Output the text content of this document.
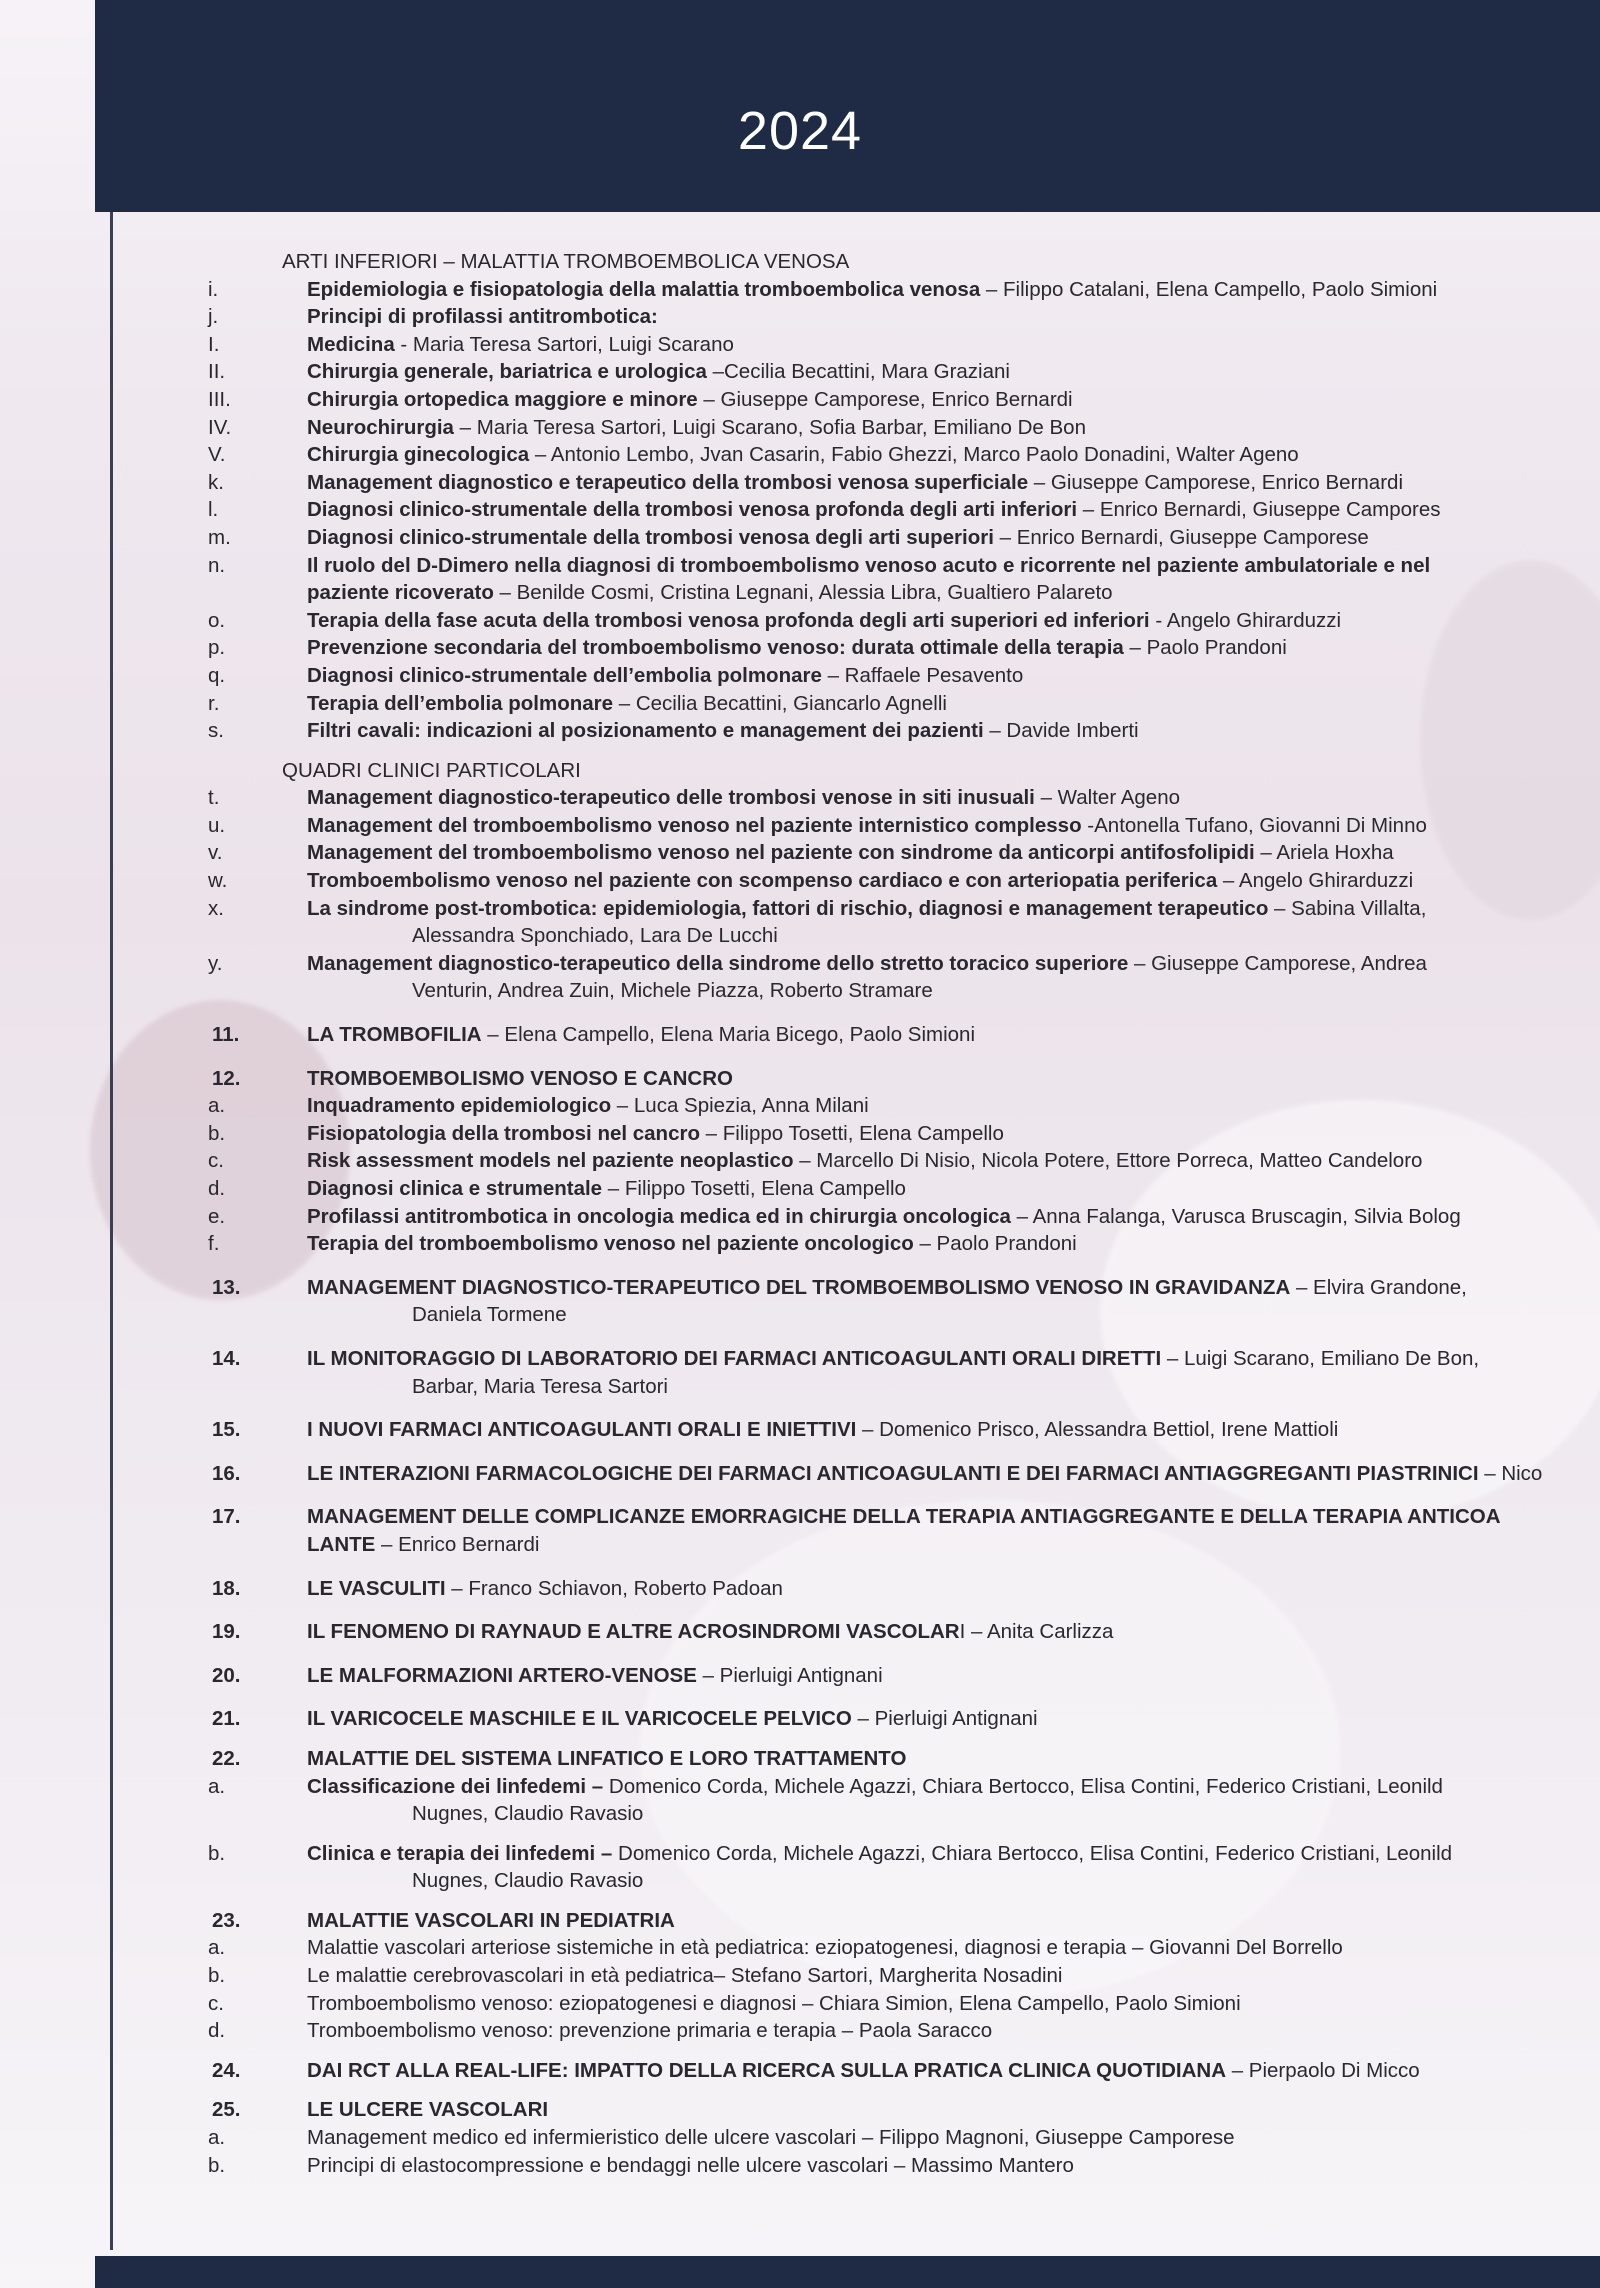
2024
ARTI INFERIORI – MALATTIA TROMBOEMBOLICA VENOSA
i.	Epidemiologia e fisiopatologia della malattia tromboembolica venosa – Filippo Catalani, Elena Campello, Paolo Simioni
j.	Principi di profilassi antitrombotica:
I.	Medicina - Maria Teresa Sartori, Luigi Scarano
II.	Chirurgia generale, bariatrica e urologica –Cecilia Becattini, Mara Graziani
III.	Chirurgia ortopedica maggiore e minore – Giuseppe Camporese, Enrico Bernardi
IV.	Neurochirurgia – Maria Teresa Sartori, Luigi Scarano, Sofia Barbar, Emiliano De Bon
V.	Chirurgia ginecologica – Antonio Lembo, Jvan Casarin, Fabio Ghezzi, Marco Paolo Donadini, Walter Ageno
k.	Management diagnostico e terapeutico della trombosi venosa superficiale – Giuseppe Camporese, Enrico Bernardi
l.	Diagnosi clinico-strumentale della trombosi venosa profonda degli arti inferiori – Enrico Bernardi, Giuseppe Campores
m.	Diagnosi clinico-strumentale della trombosi venosa degli arti superiori – Enrico Bernardi, Giuseppe Camporese
n.	Il ruolo del D-Dimero nella diagnosi di tromboembolismo venoso acuto e ricorrente nel paziente ambulatoriale e nel
paziente ricoverato – Benilde Cosmi, Cristina Legnani, Alessia Libra, Gualtiero Palareto
o.	Terapia della fase acuta della trombosi venosa profonda degli arti superiori ed inferiori - Angelo Ghirarduzzi
p.	Prevenzione secondaria del tromboembolismo venoso: durata ottimale della terapia – Paolo Prandoni
q.	Diagnosi clinico-strumentale dell’embolia polmonare – Raffaele Pesavento
r.	Terapia dell’embolia polmonare – Cecilia Becattini, Giancarlo Agnelli
s.	Filtri cavali: indicazioni al posizionamento e management dei pazienti – Davide Imberti
QUADRI CLINICI PARTICOLARI
t.	Management diagnostico-terapeutico delle trombosi venose in siti inusuali – Walter Ageno
u.	Management del tromboembolismo venoso nel paziente internistico complesso -Antonella Tufano, Giovanni Di Minno
v.	Management del tromboembolismo venoso nel paziente con sindrome da anticorpi antifosfolipidi – Ariela Hoxha
w.	Tromboembolismo venoso nel paziente con scompenso cardiaco e con arteriopatia periferica – Angelo Ghirarduzzi
x.	La sindrome post-trombotica: epidemiologia, fattori di rischio, diagnosi e management terapeutico – Sabina Villalta,
Alessandra Sponchiado, Lara De Lucchi
y.	Management diagnostico-terapeutico della sindrome dello stretto toracico superiore – Giuseppe Camporese, Andrea
Venturin, Andrea Zuin, Michele Piazza, Roberto Stramare
11.	LA TROMBOFILIA – Elena Campello, Elena Maria Bicego, Paolo Simioni
12.	TROMBOEMBOLISMO VENOSO E CANCRO
a.	Inquadramento epidemiologico – Luca Spiezia, Anna Milani
b.	Fisiopatologia della trombosi nel cancro – Filippo Tosetti, Elena Campello
c.	Risk assessment models nel paziente neoplastico – Marcello Di Nisio, Nicola Potere, Ettore Porreca, Matteo Candeloro
d.	Diagnosi clinica e strumentale – Filippo Tosetti, Elena Campello
e.	Profilassi antitrombotica in oncologia medica ed in chirurgia oncologica – Anna Falanga, Varusca Bruscagin, Silvia Bolog
f.	Terapia del tromboembolismo venoso nel paziente oncologico – Paolo Prandoni
13.	MANAGEMENT DIAGNOSTICO-TERAPEUTICO DEL TROMBOEMBOLISMO VENOSO IN GRAVIDANZA – Elvira Grandone,
Daniela Tormene
14.	IL MONITORAGGIO DI LABORATORIO DEI FARMACI ANTICOAGULANTI ORALI DIRETTI – Luigi Scarano, Emiliano De Bon,
Barbar, Maria Teresa Sartori
15.	I NUOVI FARMACI ANTICOAGULANTI ORALI E INIETTIVI – Domenico Prisco, Alessandra Bettiol, Irene Mattioli
16.	LE INTERAZIONI FARMACOLOGICHE DEI FARMACI ANTICOAGULANTI E DEI FARMACI ANTIAGGREGANTI PIASTRINICI – Nico
17.	MANAGEMENT DELLE COMPLICANZE EMORRAGICHE DELLA TERAPIA ANTIAGGREGANTE E DELLA TERAPIA ANTICOA
LANTE – Enrico Bernardi
18.	LE VASCULITI – Franco Schiavon, Roberto Padoan
19.	IL FENOMENO DI RAYNAUD E ALTRE ACROSINDROMI VASCOLARI – Anita Carlizza
20.	LE MALFORMAZIONI ARTERO-VENOSE – Pierluigi Antignani
21.	IL VARICOCELE MASCHILE E IL VARICOCELE PELVICO – Pierluigi Antignani
22.	MALATTIE DEL SISTEMA LINFATICO E LORO TRATTAMENTO
a.	Classificazione dei linfedemi – Domenico Corda, Michele Agazzi, Chiara Bertocco, Elisa Contini, Federico Cristiani, Leonild
Nugnes, Claudio Ravasio
b.	Clinica e terapia dei linfedemi – Domenico Corda, Michele Agazzi, Chiara Bertocco, Elisa Contini, Federico Cristiani, Leonild
Nugnes, Claudio Ravasio
23.	MALATTIE VASCOLARI IN PEDIATRIA
a.	Malattie vascolari arteriose sistemiche in età pediatrica: eziopatogenesi, diagnosi e terapia – Giovanni Del Borrello
b.	Le malattie cerebrovascolari in età pediatrica– Stefano Sartori, Margherita Nosadini
c.	Tromboembolismo venoso: eziopatogenesi e diagnosi – Chiara Simion, Elena Campello, Paolo Simioni
d.	Tromboembolismo venoso: prevenzione primaria e terapia – Paola Saracco
24.	DAI RCT ALLA REAL-LIFE: IMPATTO DELLA RICERCA SULLA PRATICA CLINICA QUOTIDIANA – Pierpaolo Di Micco
25.	LE ULCERE VASCOLARI
a.	Management medico ed infermieristico delle ulcere vascolari – Filippo Magnoni, Giuseppe Camporese
b.	Principi di elastocompressione e bendaggi nelle ulcere vascolari – Massimo Mantero
